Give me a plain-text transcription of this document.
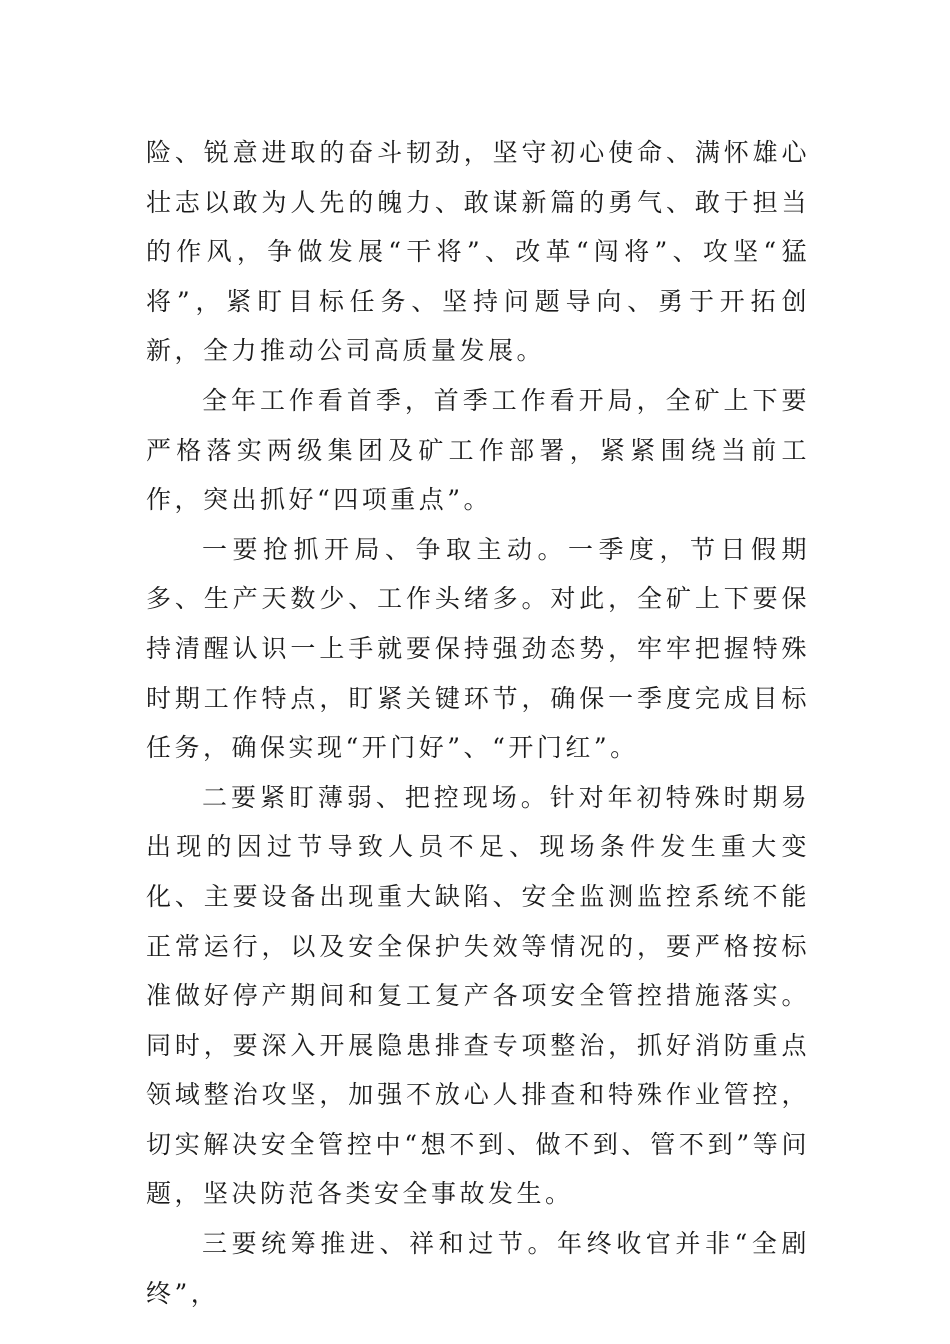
险、锐意进取的奋斗韧劲，坚守初心使命、满怀雄心壮志以敢为人先的魄力、敢谋新篇的勇气、敢于担当的作风，争做发展“干将”、改革“闯将”、攻坚“猛将”，紧盯目标任务、坚持问题导向、勇于开拓创新，全力推动公司高质量发展。

全年工作看首季，首季工作看开局，全矿上下要严格落实两级集团及矿工作部署，紧紧围绕当前工作，突出抓好“四项重点”。

一要抢抓开局、争取主动。一季度，节日假期多、生产天数少、工作头绪多。对此，全矿上下要保持清醒认识一上手就要保持强劲态势，牢牢把握特殊时期工作特点，盯紧关键环节，确保一季度完成目标任务，确保实现“开门好”、“开门红”。

二要紧盯薄弱、把控现场。针对年初特殊时期易出现的因过节导致人员不足、现场条件发生重大变化、主要设备出现重大缺陷、安全监测监控系统不能正常运行，以及安全保护失效等情况的，要严格按标准做好停产期间和复工复产各项安全管控措施落实。同时，要深入开展隐患排查专项整治，抓好消防重点领域整治攻坚，加强不放心人排查和特殊作业管控，切实解决安全管控中“想不到、做不到、管不到”等问题，坚决防范各类安全事故发生。

三要统筹推进、祥和过节。年终收官并非“全剧终”，
